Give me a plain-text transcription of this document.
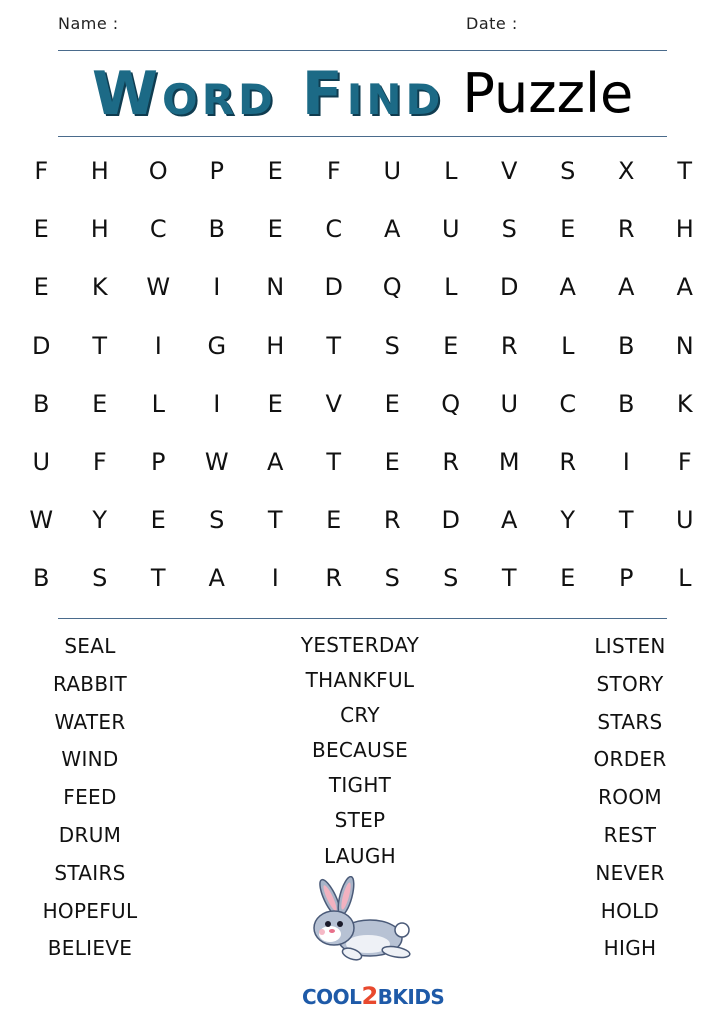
Name :	Date :
Word Find Puzzle
F	H	O	P	E	F	U	L	V	S	X	T
E	H	C	B	E	C	A	U	S	E	R	H
E	K	W	I	N	D	Q	L	D	A	A	A
D	T	I	G	H	T	S	E	R	L	B	N
B	E	L	I	E	V	E	Q	U	C	B	K
U	F	P	W	A	T	E	R	M	R	I	F
W	Y	E	S	T	E	R	D	A	Y	T	U
B	S	T	A	I	R	S	S	T	E	P	L
SEAL
RABBIT
WATER
WIND
FEED
DRUM
STAIRS
HOPEFUL
BELIEVE
YESTERDAY
THANKFUL
CRY
BECAUSE
TIGHT
STEP
LAUGH
LISTEN
STORY
STARS
ORDER
ROOM
REST
NEVER
HOLD
HIGH
COOL2BKIDS
